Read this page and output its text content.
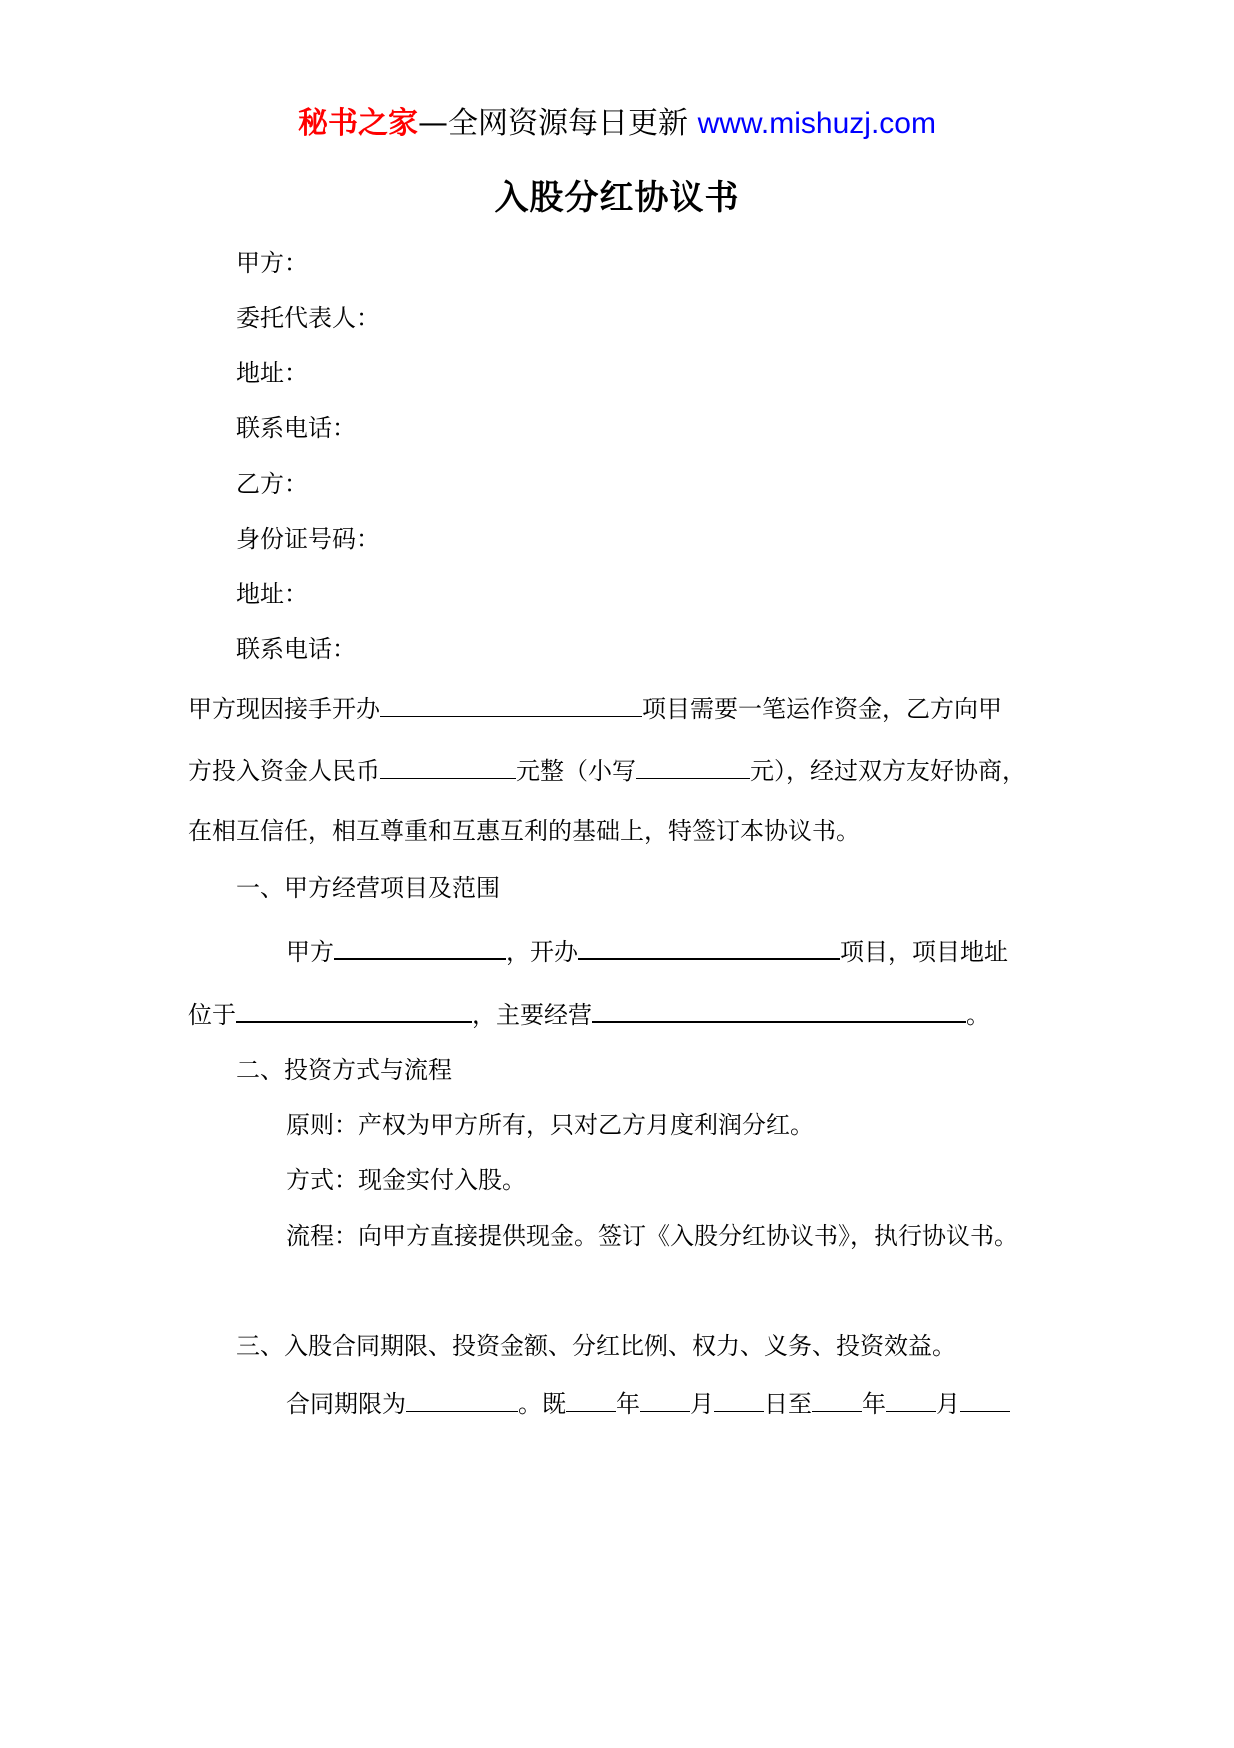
秘书之家—全网资源每日更新 www.mishuzj.com
入股分红协议书
甲方：
委托代表人：
地址：
联系电话：
乙方：
身份证号码：
地址：
联系电话：
甲方现因接手开办	项目需要一笔运作资金，乙方向甲
方投入资金人民币	元整（小写	元），经过双方友好协商，
在相互信任，相互尊重和互惠互利的基础上，特签订本协议书。
一、甲方经营项目及范围
甲方	，开办	项目，项目地址
位于	，主要经营	。
二、投资方式与流程
原则：产权为甲方所有，只对乙方月度利润分红。
方式：现金实付入股。
流程：向甲方直接提供现金。签订《入股分红协议书》，执行协议书。
三、入股合同期限、投资金额、分红比例、权力、义务、投资效益。
合同期限为	。既 年 月 日至 年 月
